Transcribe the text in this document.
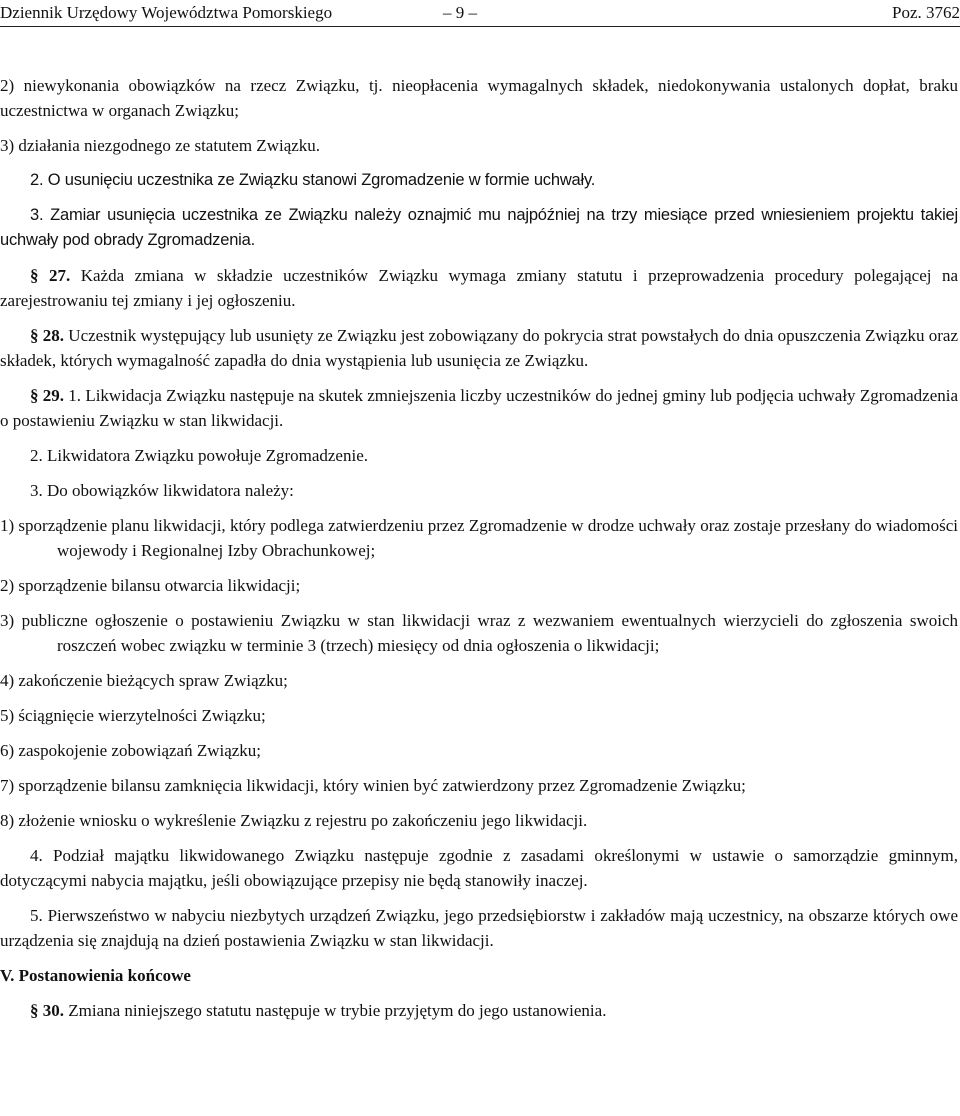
Dziennik Urzędowy Województwa Pomorskiego	– 9 –	Poz. 3762

2) niewykonania obowiązków na rzecz Związku, tj. nieopłacenia wymagalnych składek, niedokonywania ustalonych dopłat, braku uczestnictwa w organach Związku;

3) działania niezgodnego ze statutem Związku.

2. O usunięciu uczestnika ze Związku stanowi Zgromadzenie w formie uchwały.

3. Zamiar usunięcia uczestnika ze Związku należy oznajmić mu najpóźniej na trzy miesiące przed wniesieniem projektu takiej uchwały pod obrady Zgromadzenia.

§ 27. Każda zmiana w składzie uczestników Związku wymaga zmiany statutu i przeprowadzenia procedury polegającej na zarejestrowaniu tej zmiany i jej ogłoszeniu.

§ 28. Uczestnik występujący lub usunięty ze Związku jest zobowiązany do pokrycia strat powstałych do dnia opuszczenia Związku oraz składek, których wymagalność zapadła do dnia wystąpienia lub usunięcia ze Związku.

§ 29. 1. Likwidacja Związku następuje na skutek zmniejszenia liczby uczestników do jednej gminy lub podjęcia uchwały Zgromadzenia o postawieniu Związku w stan likwidacji.

2. Likwidatora Związku powołuje Zgromadzenie.

3. Do obowiązków likwidatora należy:

1) sporządzenie planu likwidacji, który podlega zatwierdzeniu przez Zgromadzenie w drodze uchwały oraz zostaje przesłany do wiadomości wojewody i Regionalnej Izby Obrachunkowej;

2) sporządzenie bilansu otwarcia likwidacji;

3) publiczne ogłoszenie o postawieniu Związku w stan likwidacji wraz z wezwaniem ewentualnych wierzycieli do zgłoszenia swoich roszczeń wobec związku w terminie 3 (trzech) miesięcy od dnia ogłoszenia o likwidacji;

4) zakończenie bieżących spraw Związku;

5) ściągnięcie wierzytelności Związku;

6) zaspokojenie zobowiązań Związku;

7) sporządzenie bilansu zamknięcia likwidacji, który winien być zatwierdzony przez Zgromadzenie Związku;

8) złożenie wniosku o wykreślenie Związku z rejestru po zakończeniu jego likwidacji.

4. Podział majątku likwidowanego Związku następuje zgodnie z zasadami określonymi w ustawie o samorządzie gminnym, dotyczącymi nabycia majątku, jeśli obowiązujące przepisy nie będą stanowiły inaczej.

5. Pierwszeństwo w nabyciu niezbytych urządzeń Związku, jego przedsiębiorstw i zakładów mają uczestnicy, na obszarze których owe urządzenia się znajdują na dzień postawienia Związku w stan likwidacji.

V. Postanowienia końcowe

§ 30. Zmiana niniejszego statutu następuje w trybie przyjętym do jego ustanowienia.
